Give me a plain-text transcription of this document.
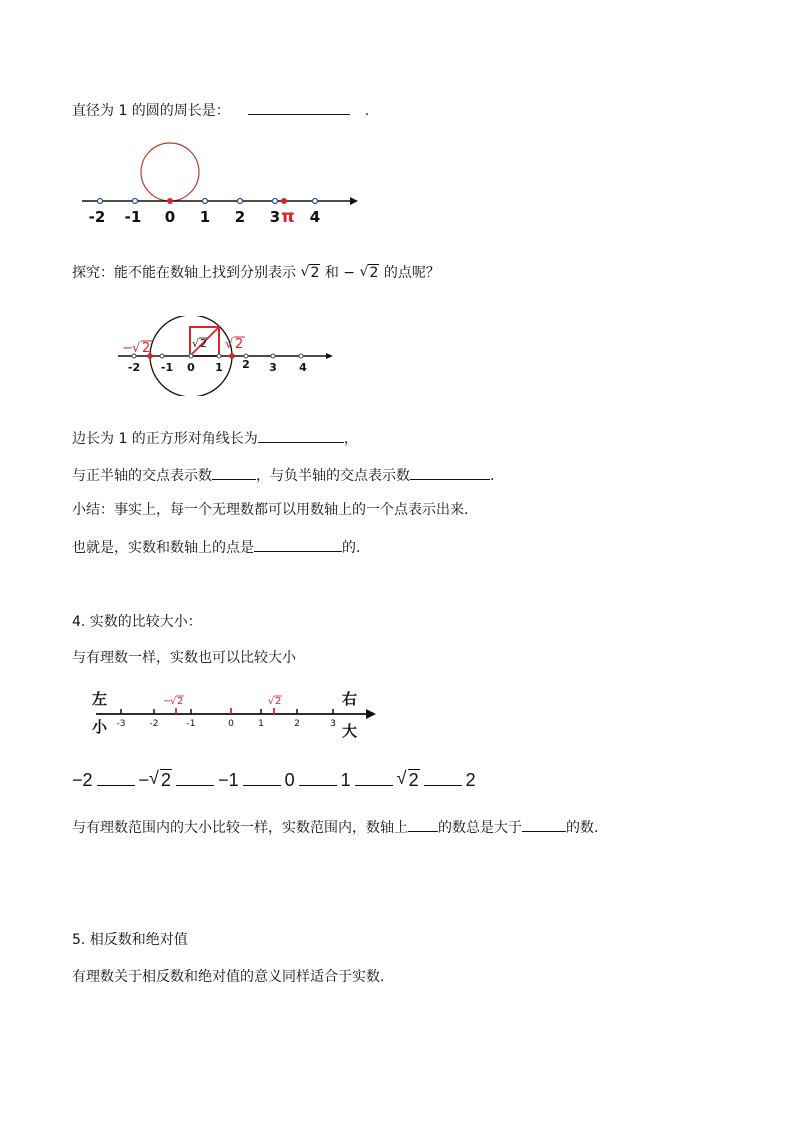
直径为 1 的圆的周长是：	.
-2 -1 0 1 2 3 4
π
探究：能不能在数轴上找到分别表示 √ 2 和 − √ 2 的点呢？
-2 -1 0 1 2 3 4
− √ 2	√ 2
√ 2
边长为 1 的正方形对角线长为	，
与正半轴的交点表示数	，与负半轴的交点表示数	.
小结：事实上，每一个无理数都可以用数轴上的一个点表示出来.
也就是，实数和数轴上的点是	的.
4. 实数的比较大小：
与有理数一样，实数也可以比较大小
左
小
右
大
-3	-2	-1	0	1	2	3
−
√ 2	√ 2
−2	− √ 2	−1	0	1	√ 2	2
与有理数范围内的大小比较一样，实数范围内，数轴上 的数总是大于	的数.
5. 相反数和绝对值
有理数关于相反数和绝对值的意义同样适合于实数.
